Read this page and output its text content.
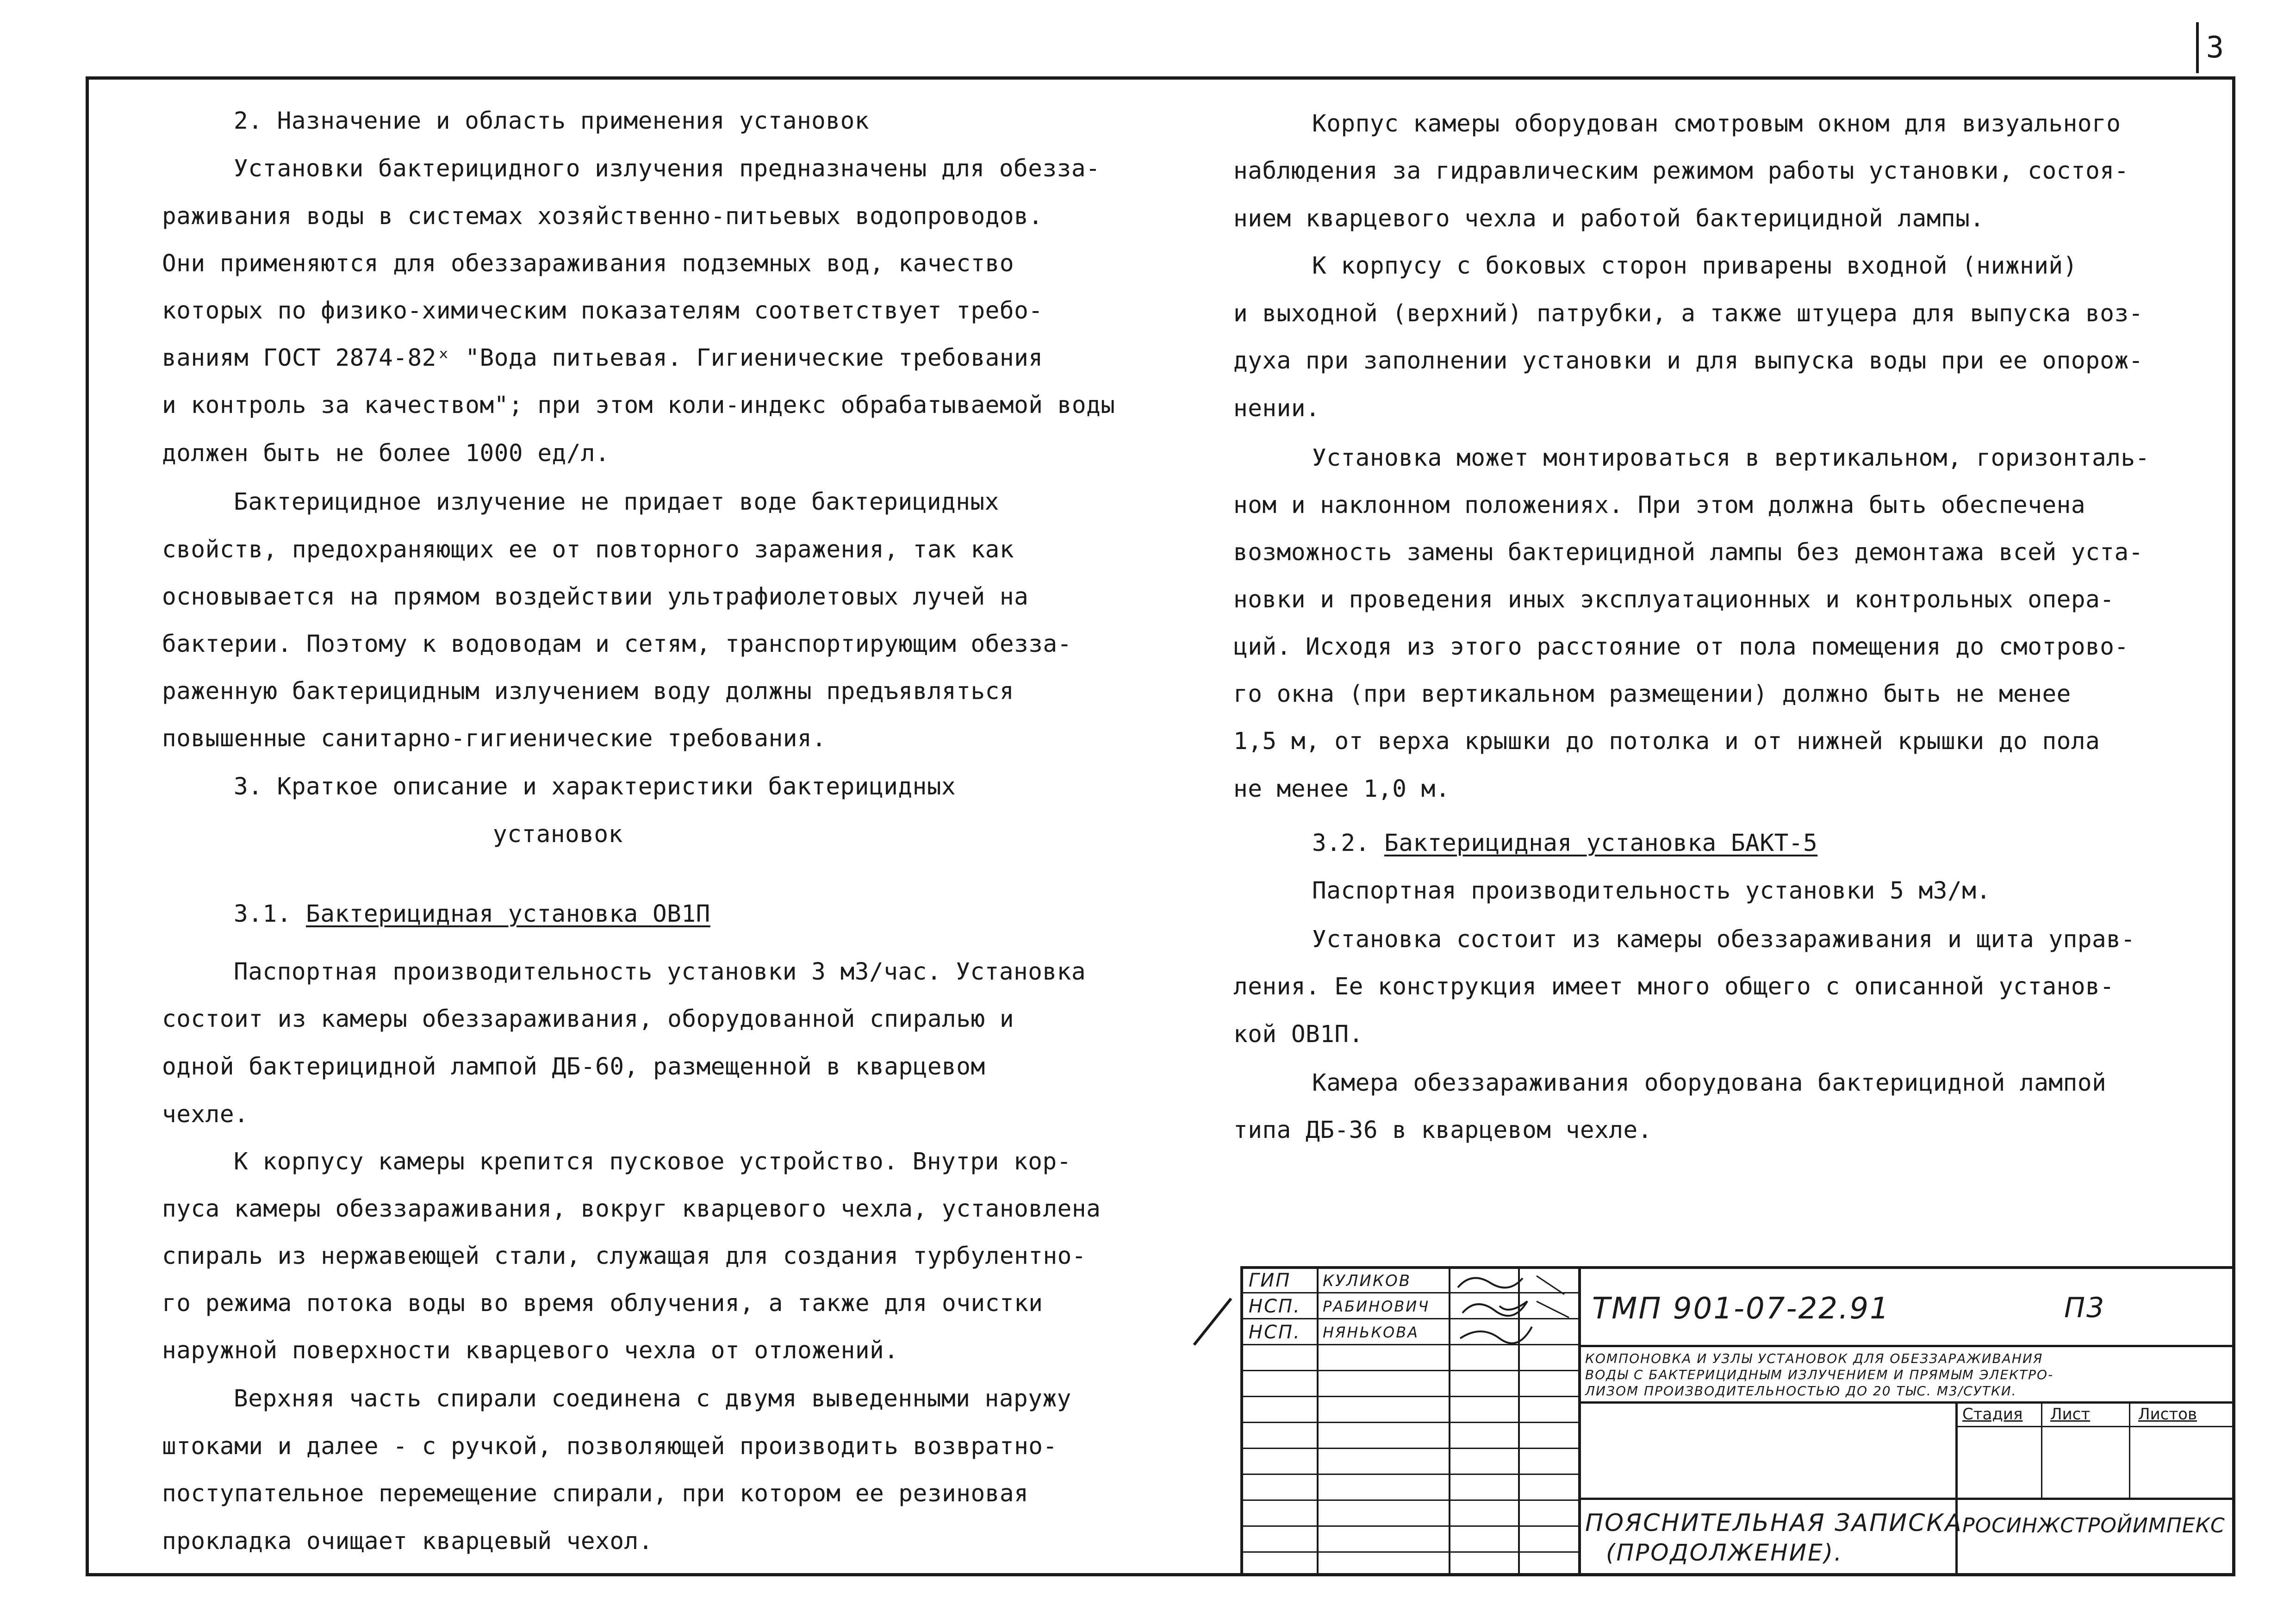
3
2. Назначение и область применения установок
Установки бактерицидного излучения предназначены для обезза-
раживания воды в системах хозяйственно-питьевых водопроводов.
Они применяются для обеззараживания подземных вод, качество
которых по физико-химическим показателям соответствует требо-
ваниям ГОСТ 2874-82ˣ "Вода питьевая. Гигиенические требования
и контроль за качеством"; при этом коли-индекс обрабатываемой воды
должен быть не более 1000 ед/л.
Бактерицидное излучение не придает воде бактерицидных
свойств, предохраняющих ее от повторного заражения, так как
основывается на прямом воздействии ультрафиолетовых лучей на
бактерии. Поэтому к водоводам и сетям, транспортирующим обезза-
раженную бактерицидным излучением воду должны предъявляться
повышенные санитарно-гигиенические требования.
3. Краткое описание и характеристики бактерицидных
установок
Паспортная производительность установки 3 м3/час. Установка
состоит из камеры обеззараживания, оборудованной спиралью и
одной бактерицидной лампой ДБ-60, размещенной в кварцевом
чехле.
К корпусу камеры крепится пусковое устройство. Внутри кор-
пуса камеры обеззараживания, вокруг кварцевого чехла, установлена
спираль из нержавеющей стали, служащая для создания турбулентно-
го режима потока воды во время облучения, а также для очистки
наружной поверхности кварцевого чехла от отложений.
Верхняя часть спирали соединена с двумя выведенными наружу
штоками и далее - с ручкой, позволяющей производить возвратно-
поступательное перемещение спирали, при котором ее резиновая
прокладка очищает кварцевый чехол.
3.1. Бактерицидная установка ОВ1П
Корпус камеры оборудован смотровым окном для визуального
наблюдения за гидравлическим режимом работы установки, состоя-
нием кварцевого чехла и работой бактерицидной лампы.
К корпусу с боковых сторон приварены входной (нижний)
и выходной (верхний) патрубки, а также штуцера для выпуска воз-
духа при заполнении установки и для выпуска воды при ее опорож-
нении.
Установка может монтироваться в вертикальном, горизонталь-
ном и наклонном положениях. При этом должна быть обеспечена
возможность замены бактерицидной лампы без демонтажа всей уста-
новки и проведения иных эксплуатационных и контрольных опера-
ций. Исходя из этого расстояние от пола помещения до смотрово-
го окна (при вертикальном размещении) должно быть не менее
1,5 м, от верха крышки до потолка и от нижней крышки до пола
не менее 1,0 м.
Паспортная производительность установки 5 м3/м.
Установка состоит из камеры обеззараживания и щита управ-
ления. Ее конструкция имеет много общего с описанной установ-
кой ОВ1П.
Камера обеззараживания оборудована бактерицидной лампой
типа ДБ-36 в кварцевом чехле.
3.2. Бактерицидная установка БАКТ-5
ГИП
НСП.
НСП.
КУЛИКОВ
РАБИНОВИЧ
НЯНЬКОВА
ТМП 901-07-22.91	П3
КОМПОНОВКА И УЗЛЫ УСТАНОВОК ДЛЯ ОБЕЗЗАРАЖИВАНИЯ
ВОДЫ С БАКТЕРИЦИДНЫМ ИЗЛУЧЕНИЕМ И ПРЯМЫМ ЭЛЕКТРО-
ЛИЗОМ ПРОИЗВОДИТЕЛЬНОСТЬЮ ДО 20 ТЫС. М3/СУТКИ.
Стадия Лист	Листов
ПОЯСНИТЕЛЬНАЯ ЗАПИСКА
(ПРОДОЛЖЕНИЕ).
РОСИНЖСТРОЙИМПЕКС
